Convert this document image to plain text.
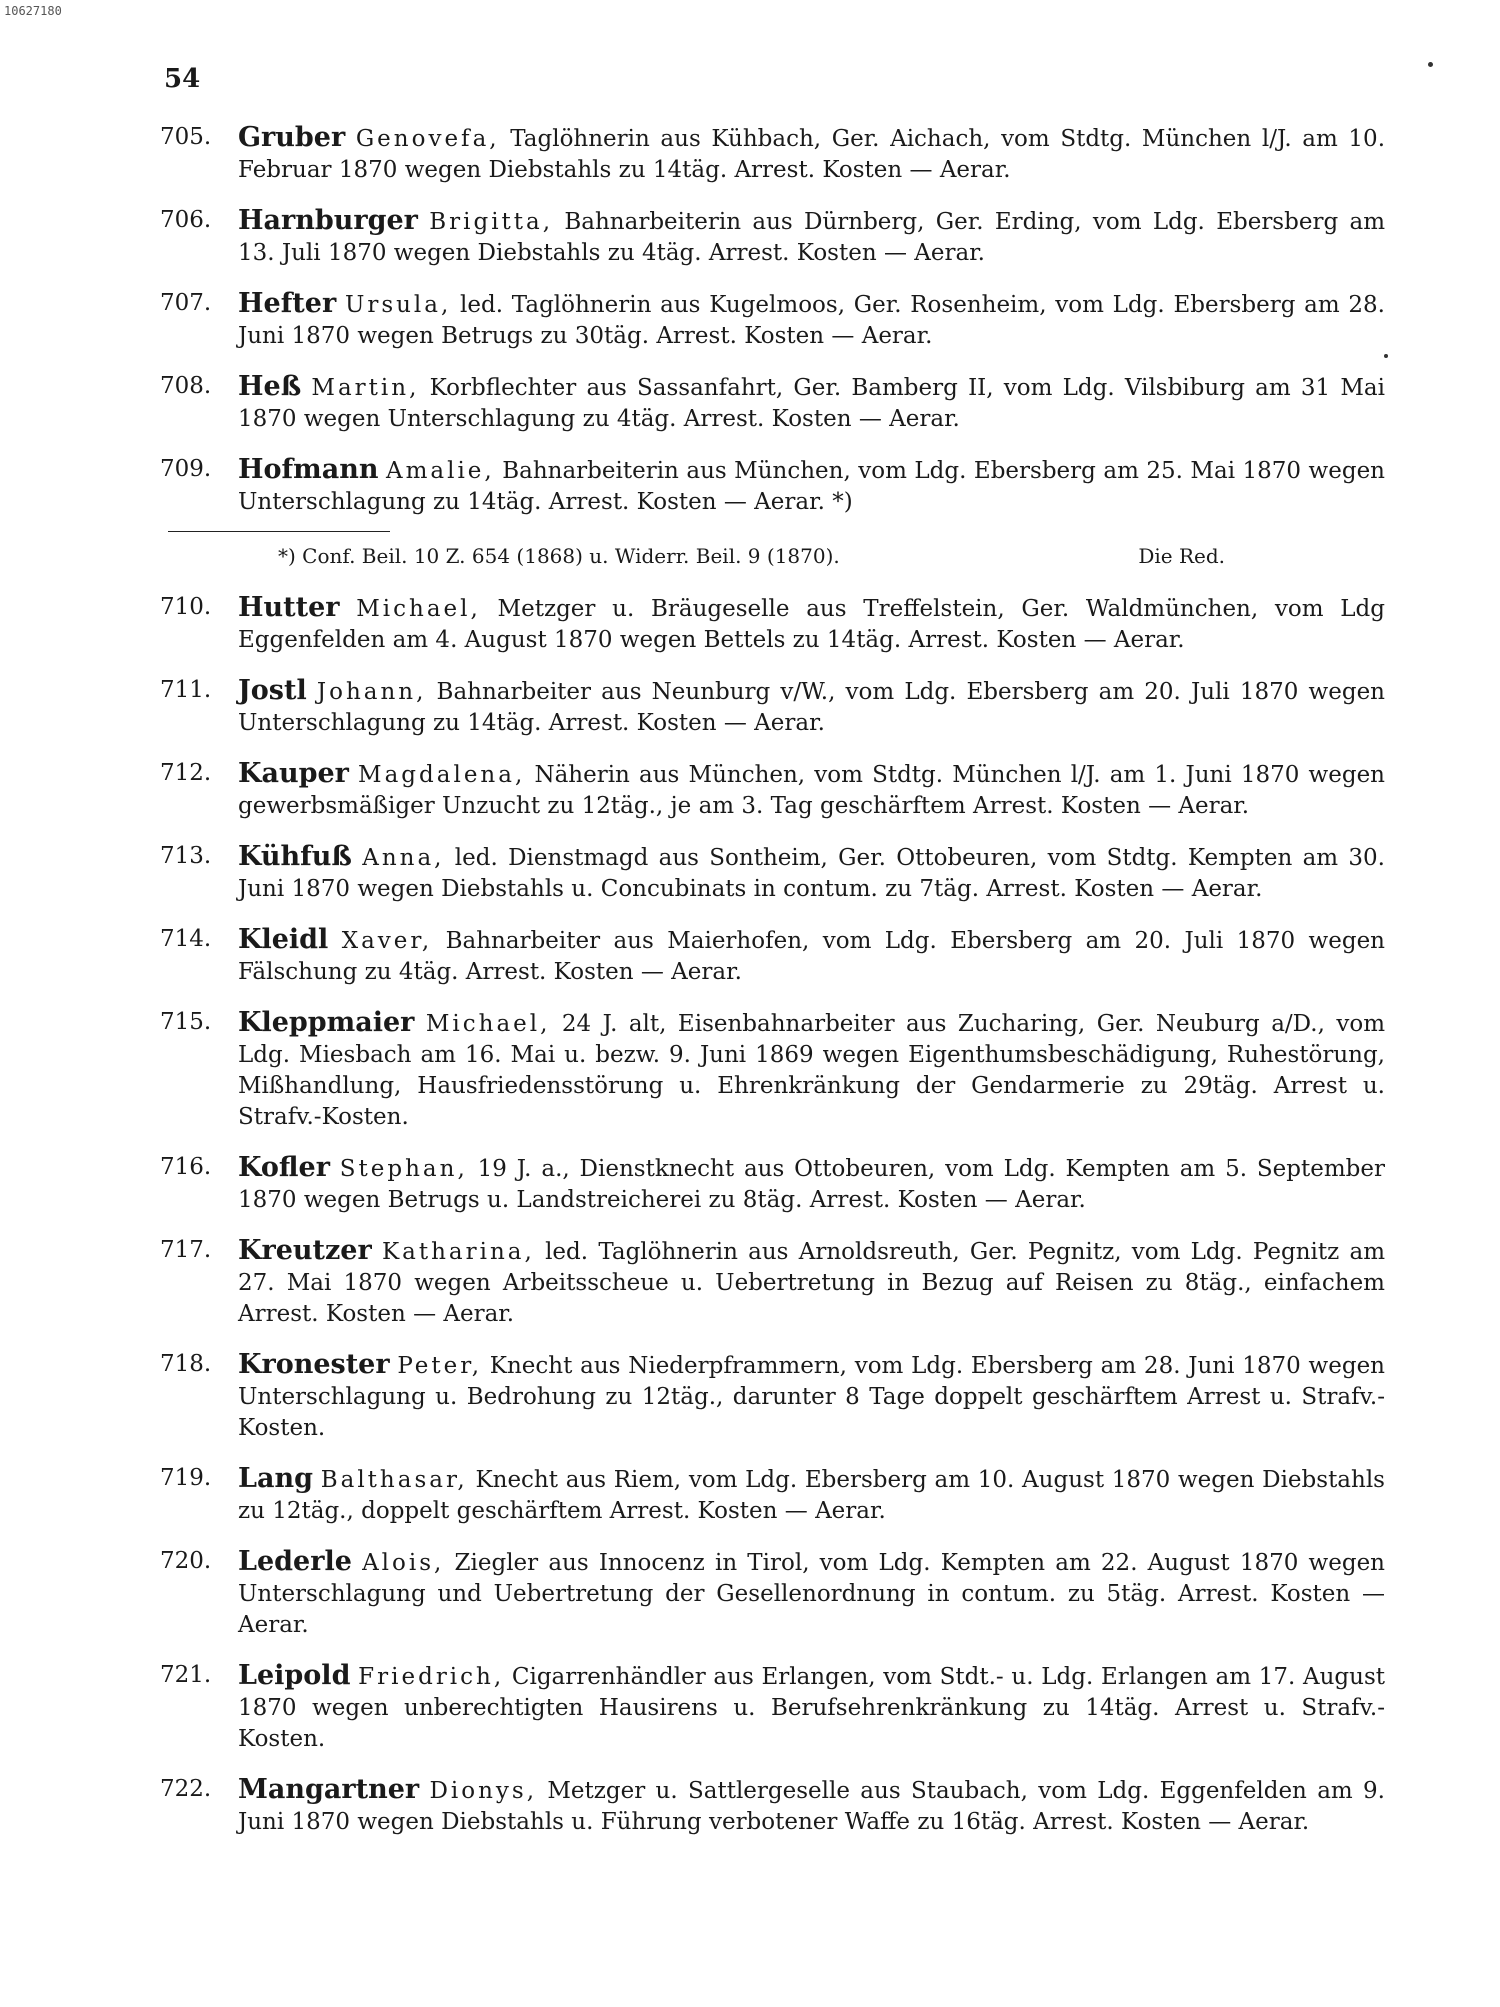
10627180
54
705. Gruber Genovefa, Taglöhnerin aus Kühbach, Ger. Aichach, vom Stdtg. München l/J. am 10. Februar 1870 wegen Diebstahls zu 14täg. Arrest. Kosten — Aerar.
706. Harnburger Brigitta, Bahnarbeiterin aus Dürnberg, Ger. Erding, vom Ldg. Ebersberg am 13. Juli 1870 wegen Diebstahls zu 4täg. Arrest. Kosten — Aerar.
707. Hefter Ursula, led. Taglöhnerin aus Kugelmoos, Ger. Rosenheim, vom Ldg. Ebersberg am 28. Juni 1870 wegen Betrugs zu 30täg. Arrest. Kosten — Aerar.
708. Heß Martin, Korbflechter aus Sassanfahrt, Ger. Bamberg II, vom Ldg. Vilsbiburg am 31 Mai 1870 wegen Unterschlagung zu 4täg. Arrest. Kosten — Aerar.
709. Hofmann Amalie, Bahnarbeiterin aus München, vom Ldg. Ebersberg am 25. Mai 1870 wegen Unterschlagung zu 14täg. Arrest. Kosten — Aerar. *)
*) Conf. Beil. 10 Z. 654 (1868) u. Widerr. Beil. 9 (1870).	Die Red.
710. Hutter Michael, Metzger u. Bräugeselle aus Treffelstein, Ger. Waldmünchen, vom Ldg Eggenfelden am 4. August 1870 wegen Bettels zu 14täg. Arrest. Kosten — Aerar.
711. Jostl Johann, Bahnarbeiter aus Neunburg v/W., vom Ldg. Ebersberg am 20. Juli 1870 wegen Unterschlagung zu 14täg. Arrest. Kosten — Aerar.
712. Kauper Magdalena, Näherin aus München, vom Stdtg. München l/J. am 1. Juni 1870 wegen gewerbsmäßiger Unzucht zu 12täg., je am 3. Tag geschärftem Arrest. Kosten — Aerar.
713. Kühfuß Anna, led. Dienstmagd aus Sontheim, Ger. Ottobeuren, vom Stdtg. Kempten am 30. Juni 1870 wegen Diebstahls u. Concubinats in contum. zu 7täg. Arrest. Kosten — Aerar.
714. Kleidl Xaver, Bahnarbeiter aus Maierhofen, vom Ldg. Ebersberg am 20. Juli 1870 wegen Fälschung zu 4täg. Arrest. Kosten — Aerar.
715. Kleppmaier Michael, 24 J. alt, Eisenbahnarbeiter aus Zucharing, Ger. Neuburg a/D., vom Ldg. Miesbach am 16. Mai u. bezw. 9. Juni 1869 wegen Eigenthumsbeschädigung, Ruhestörung, Mißhandlung, Hausfriedensstörung u. Ehrenkränkung der Gendarmerie zu 29täg. Arrest u. Strafv.-Kosten.
716. Kofler Stephan, 19 J. a., Dienstknecht aus Ottobeuren, vom Ldg. Kempten am 5. September 1870 wegen Betrugs u. Landstreicherei zu 8täg. Arrest. Kosten — Aerar.
717. Kreutzer Katharina, led. Taglöhnerin aus Arnoldsreuth, Ger. Pegnitz, vom Ldg. Pegnitz am 27. Mai 1870 wegen Arbeitsscheue u. Uebertretung in Bezug auf Reisen zu 8täg., einfachem Arrest. Kosten — Aerar.
718. Kronester Peter, Knecht aus Niederpframmern, vom Ldg. Ebersberg am 28. Juni 1870 wegen Unterschlagung u. Bedrohung zu 12täg., darunter 8 Tage doppelt geschärftem Arrest u. Strafv.-Kosten.
719. Lang Balthasar, Knecht aus Riem, vom Ldg. Ebersberg am 10. August 1870 wegen Diebstahls zu 12täg., doppelt geschärftem Arrest. Kosten — Aerar.
720. Lederle Alois, Ziegler aus Innocenz in Tirol, vom Ldg. Kempten am 22. August 1870 wegen Unterschlagung und Uebertretung der Gesellenordnung in contum. zu 5täg. Arrest. Kosten — Aerar.
721. Leipold Friedrich, Cigarrenhändler aus Erlangen, vom Stdt.- u. Ldg. Erlangen am 17. August 1870 wegen unberechtigten Hausirens u. Berufsehrenkränkung zu 14täg. Arrest u. Strafv.-Kosten.
722. Mangartner Dionys, Metzger u. Sattlergeselle aus Staubach, vom Ldg. Eggenfelden am 9. Juni 1870 wegen Diebstahls u. Führung verbotener Waffe zu 16täg. Arrest. Kosten — Aerar.
